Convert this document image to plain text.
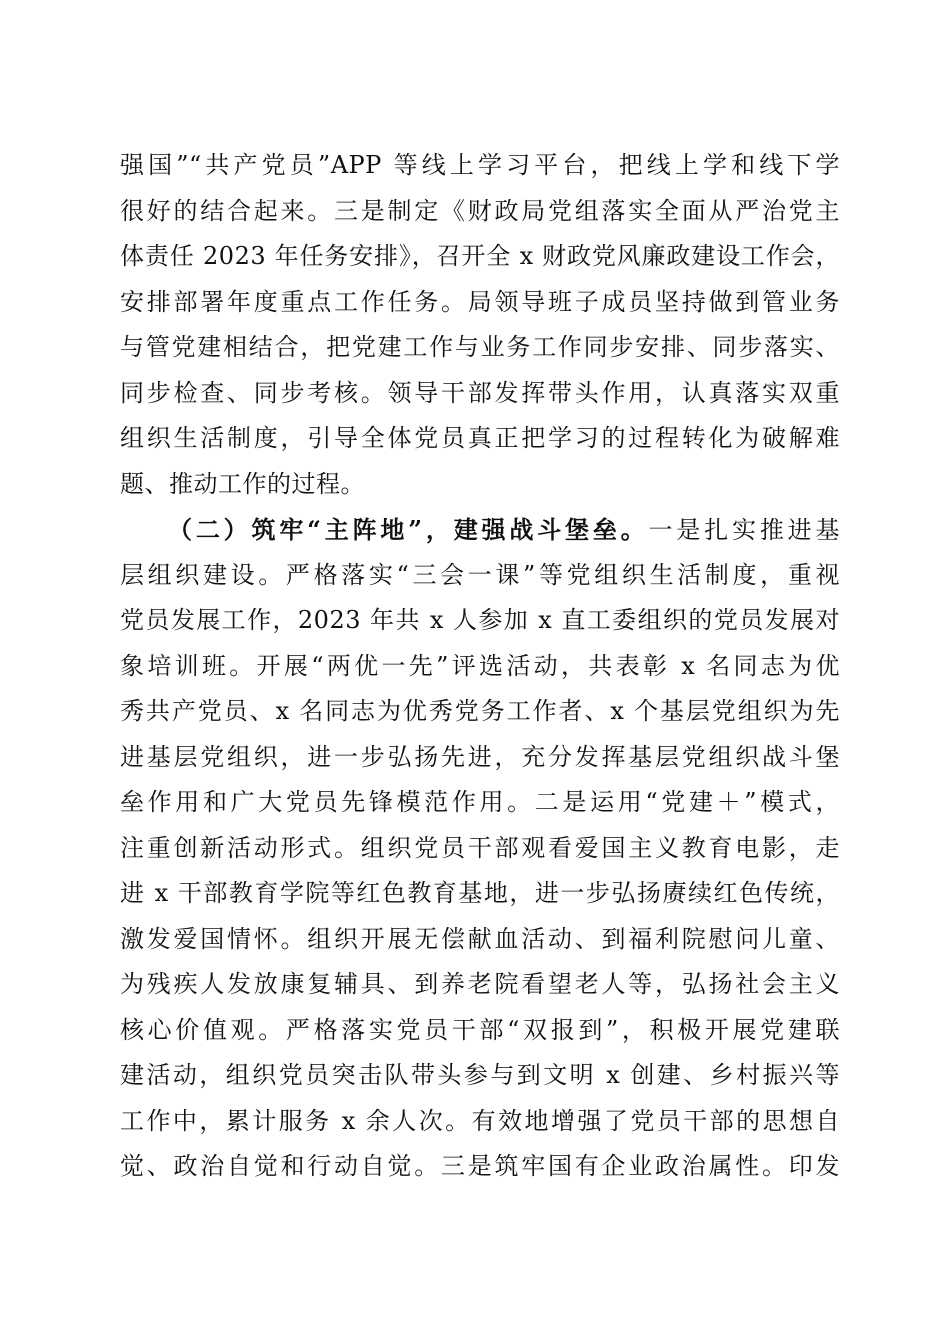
强国”“共产党员”APP 等线上学习平台，把线上学和线下学
很好的结合起来。三是制定《财政局党组落实全面从严治党主
体责任 2023 年任务安排》，召开全 x 财政党风廉政建设工作会，
安排部署年度重点工作任务。局领导班子成员坚持做到管业务
与管党建相结合，把党建工作与业务工作同步安排、同步落实、
同步检查、同步考核。领导干部发挥带头作用，认真落实双重
组织生活制度，引导全体党员真正把学习的过程转化为破解难
题、推动工作的过程。
（二）筑牢“主阵地”，建强战斗堡垒。一是扎实推进基
层组织建设。严格落实“三会一课”等党组织生活制度，重视
党员发展工作，2023 年共 x 人参加 x 直工委组织的党员发展对
象培训班。开展“两优一先”评选活动，共表彰 x 名同志为优
秀共产党员、x 名同志为优秀党务工作者、x 个基层党组织为先
进基层党组织，进一步弘扬先进，充分发挥基层党组织战斗堡
垒作用和广大党员先锋模范作用。二是运用“党建＋”模式，
注重创新活动形式。组织党员干部观看爱国主义教育电影，走
进 x 干部教育学院等红色教育基地，进一步弘扬赓续红色传统，
激发爱国情怀。组织开展无偿献血活动、到福利院慰问儿童、
为残疾人发放康复辅具、到养老院看望老人等，弘扬社会主义
核心价值观。严格落实党员干部“双报到”，积极开展党建联
建活动，组织党员突击队带头参与到文明 x 创建、乡村振兴等
工作中，累计服务 x 余人次。有效地增强了党员干部的思想自
觉、政治自觉和行动自觉。三是筑牢国有企业政治属性。印发
